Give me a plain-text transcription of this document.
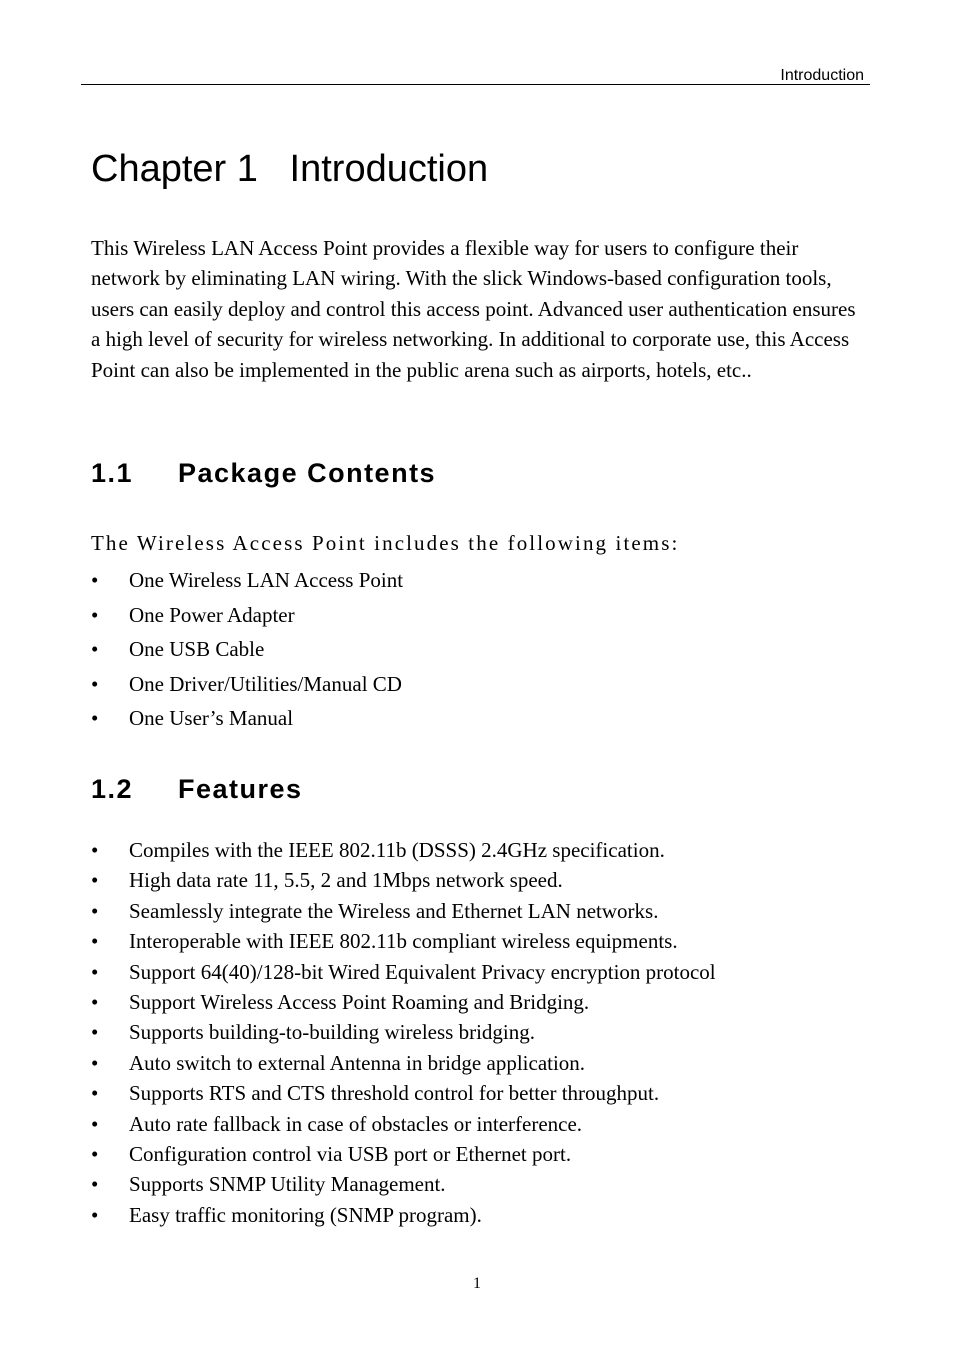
Introduction
Chapter 1   Introduction

This Wireless LAN Access Point provides a flexible way for users to configure their network by eliminating LAN wiring. With the slick Windows-based configuration tools, users can easily deploy and control this access point. Advanced user authentication ensures a high level of security for wireless networking. In additional to corporate use, this Access Point can also be implemented in the public arena such as airports, hotels, etc..

1.1 Package Contents

The Wireless Access Point includes the following items:

• One Wireless LAN Access Point
• One Power Adapter
• One USB Cable
• One Driver/Utilities/Manual CD
• One User’s Manual
1.2 Features
• Compiles with the IEEE 802.11b (DSSS) 2.4GHz specification.
• High data rate 11, 5.5, 2 and 1Mbps network speed.
• Seamlessly integrate the Wireless and Ethernet LAN networks.
• Interoperable with IEEE 802.11b compliant wireless equipments.
• Support 64(40)/128-bit Wired Equivalent Privacy encryption protocol
• Support Wireless Access Point Roaming and Bridging.
• Supports building-to-building wireless bridging.
• Auto switch to external Antenna in bridge application.
• Supports RTS and CTS threshold control for better throughput.
• Auto rate fallback in case of obstacles or interference.
• Configuration control via USB port or Ethernet port.
• Supports SNMP Utility Management.
• Easy traffic monitoring (SNMP program).
1
